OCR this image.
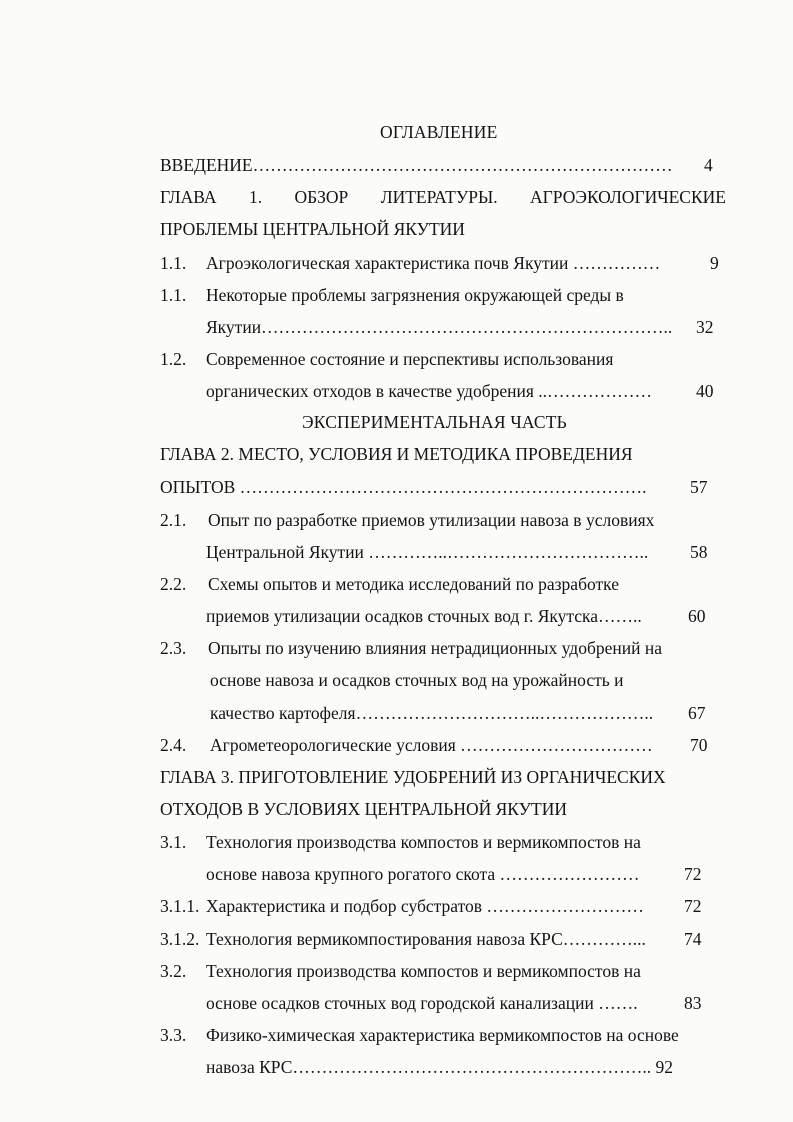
ОГЛАВЛЕНИЕ
ВВЕДЕНИЕ……………………………………………………………… 4
ГЛАВА 1. ОБЗОР ЛИТЕРАТУРЫ. АГРОЭКОЛОГИЧЕСКИЕ
ПРОБЛЕМЫ ЦЕНТРАЛЬНОЙ ЯКУТИИ
1.1. Агроэкологическая характеристика почв Якутии ……………	9
1.1. Некоторые проблемы загрязнения окружающей среды в
Якутии…………………………………………………………….. 32
1.2. Современное состояние и перспективы использования
органических отходов в качестве удобрения ..………………	40
ЭКСПЕРИМЕНТАЛЬНАЯ ЧАСТЬ
ГЛАВА 2. МЕСТО, УСЛОВИЯ И МЕТОДИКА ПРОВЕДЕНИЯ
ОПЫТОВ ……………………………………………………………. 57
2.1. Опыт по разработке приемов утилизации навоза в условиях
Центральной Якутии …………..…………………………….. 58
2.2. Схемы опытов и методика исследований по разработке
приемов утилизации осадков сточных вод г. Якутска……..	60
2.3. Опыты по изучению влияния нетрадиционных удобрений на
основе навоза и осадков сточных вод на урожайность и
качество картофеля…………………………..……………….. 67
2.4. Агрометеорологические условия …………………………… 70
ГЛАВА 3. ПРИГОТОВЛЕНИЕ УДОБРЕНИЙ ИЗ ОРГАНИЧЕСКИХ
ОТХОДОВ В УСЛОВИЯХ ЦЕНТРАЛЬНОЙ ЯКУТИИ
3.1. Технология производства компостов и вермикомпостов на
основе навоза крупного рогатого скота ……………………	72
3.1.1. Характеристика и подбор субстратов ……………………… 72
3.1.2. Технология вермикомпостирования навоза КРС…………... 74
3.2. Технология производства компостов и вермикомпостов на
основе осадков сточных вод городской канализации …….	83
3.3. Физико-химическая характеристика вермикомпостов на основе
навоза КРС…………………………………………………….. 92
